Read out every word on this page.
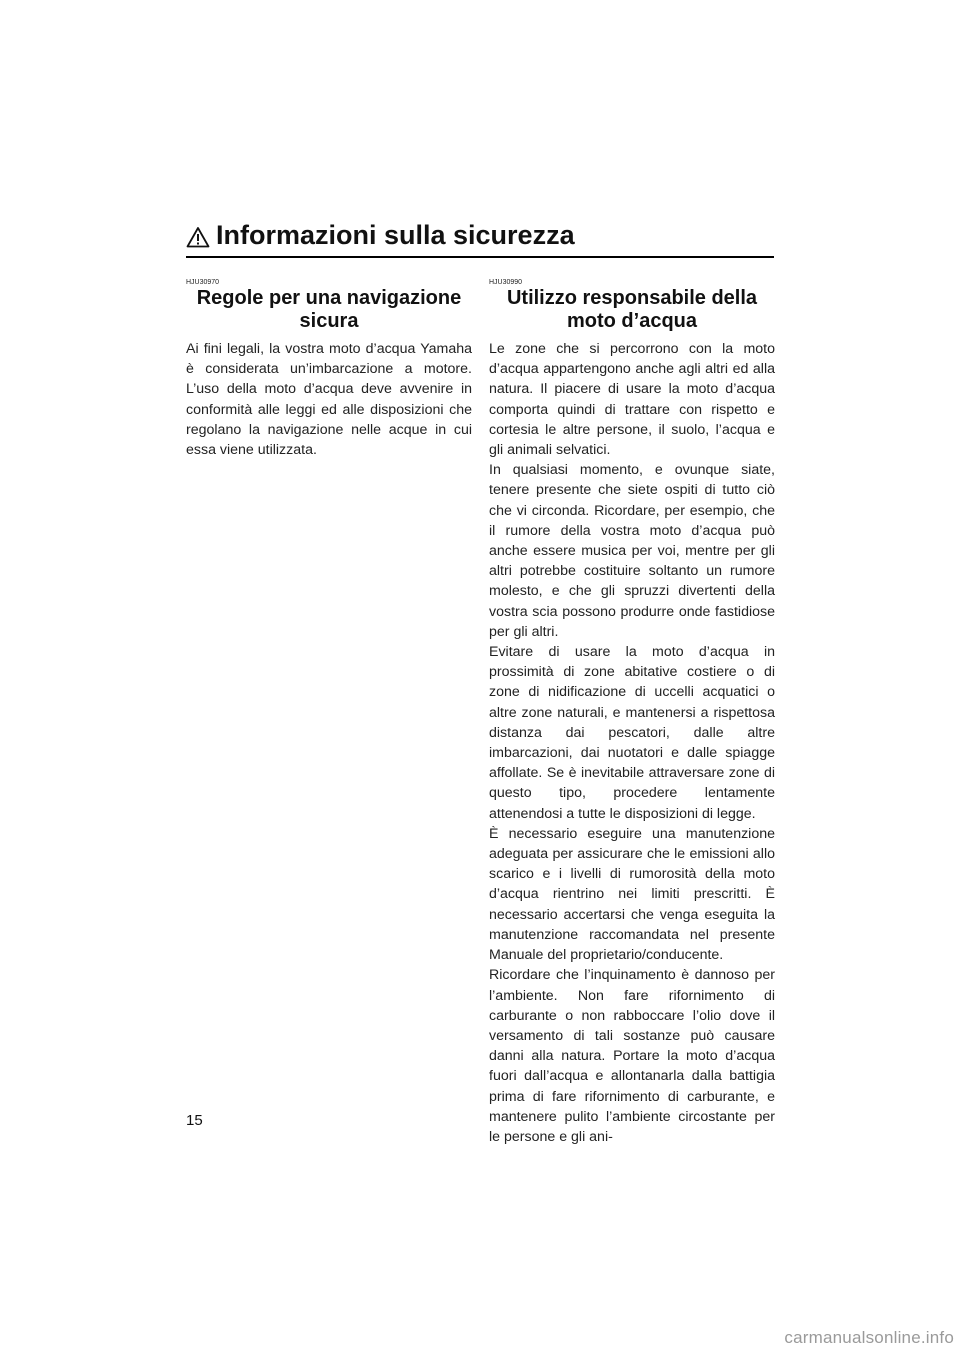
Informazioni sulla sicurezza
HJU30970
Regole per una navigazione
sicura

Ai fini legali, la vostra moto d’acqua Yamaha è considerata un’imbarcazione a motore. L’uso della moto d’acqua deve avvenire in conformità alle leggi ed alle disposizioni che regolano la navigazione nelle acque in cui essa viene utilizzata.

HJU30990
Utilizzo responsabile della
moto d’acqua

Le zone che si percorrono con la moto d’acqua appartengono anche agli altri ed alla natura. Il piacere di usare la moto d’acqua comporta quindi di trattare con rispetto e cortesia le altre persone, il suolo, l’acqua e gli animali selvatici.

In qualsiasi momento, e ovunque siate, tenere presente che siete ospiti di tutto ciò che vi circonda. Ricordare, per esempio, che il rumore della vostra moto d’acqua può anche essere musica per voi, mentre per gli altri potrebbe costituire soltanto un rumore molesto, e che gli spruzzi divertenti della vostra scia possono produrre onde fastidiose per gli altri.

Evitare di usare la moto d’acqua in prossimità di zone abitative costiere o di zone di nidificazione di uccelli acquatici o altre zone naturali, e mantenersi a rispettosa distanza dai pescatori, dalle altre imbarcazioni, dai nuotatori e dalle spiagge affollate. Se è inevitabile attraversare zone di questo tipo, procedere lentamente attenendosi a tutte le disposizioni di legge.

È necessario eseguire una manutenzione adeguata per assicurare che le emissioni allo scarico e i livelli di rumorosità della moto d’acqua rientrino nei limiti prescritti. È necessario accertarsi che venga eseguita la manutenzione raccomandata nel presente Manuale del proprietario/conducente.

Ricordare che l’inquinamento è dannoso per l’ambiente. Non fare rifornimento di carburante o non rabboccare l’olio dove il versamento di tali sostanze può causare danni alla natura. Portare la moto d’acqua fuori dall’acqua e allontanarla dalla battigia prima di fare rifornimento di carburante, e mantenere pulito l’ambiente circostante per le persone e gli ani-

15
carmanualsonline.info
